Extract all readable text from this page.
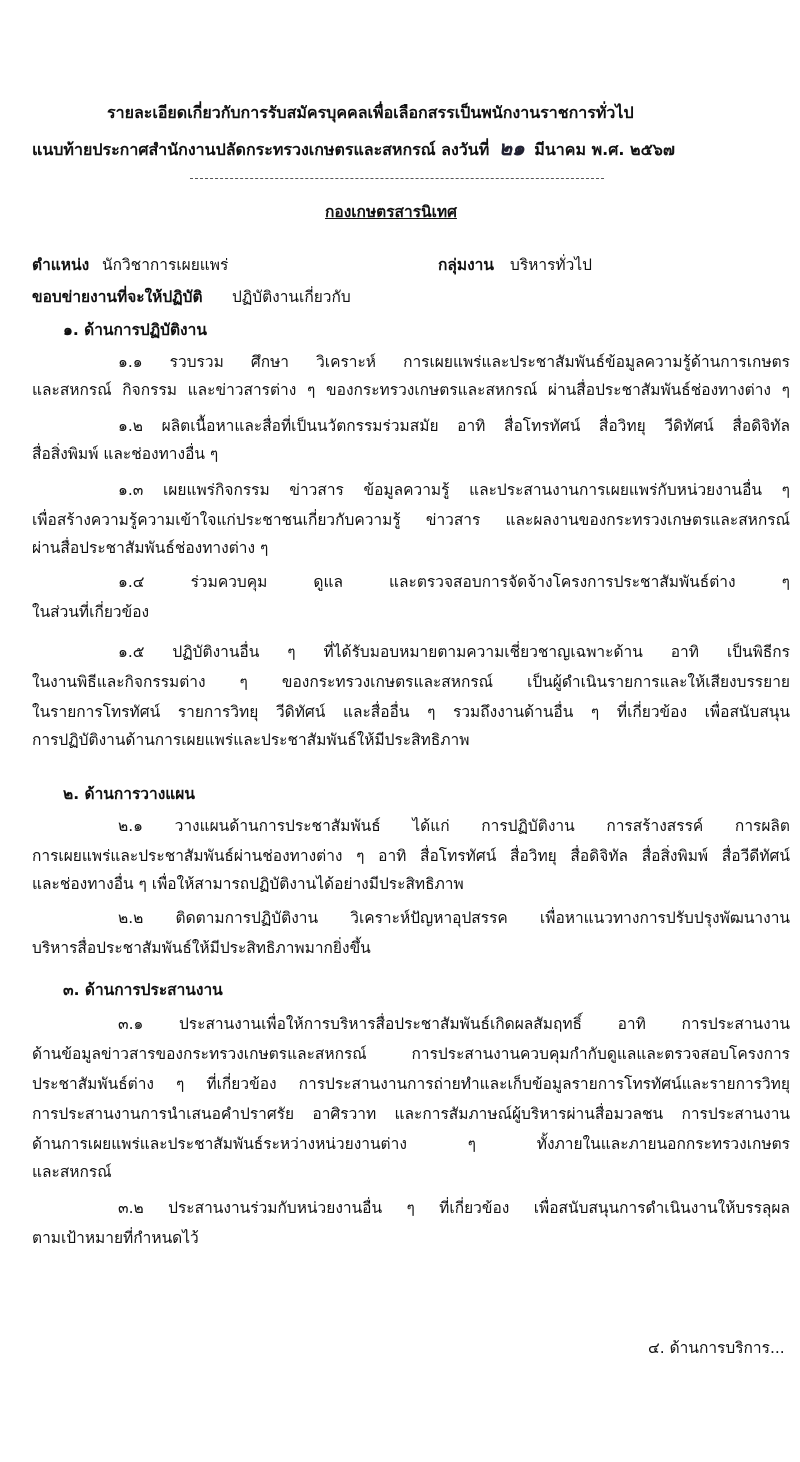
รายละเอียดเกี่ยวกับการรับสมัครบุคคลเพื่อเลือกสรรเป็นพนักงานราชการทั่วไป
แนบท้ายประกาศสำนักงานปลัดกระทรวงเกษตรและสหกรณ์ ลงวันที่ ๒๑ มีนาคม พ.ศ. ๒๕๖๗
กองเกษตรสารนิเทศ
ตำแหน่ง นักวิชาการเผยแพร่	กลุ่มงาน บริหารทั่วไป
ขอบข่ายงานที่จะให้ปฏิบัติ ปฏิบัติงานเกี่ยวกับ
๑. ด้านการปฏิบัติงาน
๑.๑ รวบรวม ศึกษา วิเคราะห์ การเผยแพร่และประชาสัมพันธ์ข้อมูลความรู้ด้านการเกษตร
และสหกรณ์ กิจกรรม และข่าวสารต่าง ๆ ของกระทรวงเกษตรและสหกรณ์ ผ่านสื่อประชาสัมพันธ์ช่องทางต่าง ๆ
๑.๒ ผลิตเนื้อหาและสื่อที่เป็นนวัตกรรมร่วมสมัย อาทิ สื่อโทรทัศน์ สื่อวิทยุ วีดิทัศน์ สื่อดิจิทัล
สื่อสิ่งพิมพ์ และช่องทางอื่น ๆ
๑.๓ เผยแพร่กิจกรรม ข่าวสาร ข้อมูลความรู้ และประสานงานการเผยแพร่กับหน่วยงานอื่น ๆ
เพื่อสร้างความรู้ความเข้าใจแก่ประชาชนเกี่ยวกับความรู้ ข่าวสาร และผลงานของกระทรวงเกษตรและสหกรณ์
ผ่านสื่อประชาสัมพันธ์ช่องทางต่าง ๆ
๑.๔ ร่วมควบคุม ดูแล และตรวจสอบการจัดจ้างโครงการประชาสัมพันธ์ต่าง ๆ
ในส่วนที่เกี่ยวข้อง
๑.๕ ปฏิบัติงานอื่น ๆ ที่ได้รับมอบหมายตามความเชี่ยวชาญเฉพาะด้าน อาทิ เป็นพิธีกร
ในงานพิธีและกิจกรรมต่าง ๆ ของกระทรวงเกษตรและสหกรณ์ เป็นผู้ดำเนินรายการและให้เสียงบรรยาย
ในรายการโทรทัศน์ รายการวิทยุ วีดิทัศน์ และสื่ออื่น ๆ รวมถึงงานด้านอื่น ๆ ที่เกี่ยวข้อง เพื่อสนับสนุน
การปฏิบัติงานด้านการเผยแพร่และประชาสัมพันธ์ให้มีประสิทธิภาพ
๒. ด้านการวางแผน
๒.๑ วางแผนด้านการประชาสัมพันธ์ ได้แก่ การปฏิบัติงาน การสร้างสรรค์ การผลิต
การเผยแพร่และประชาสัมพันธ์ผ่านช่องทางต่าง ๆ อาทิ สื่อโทรทัศน์ สื่อวิทยุ สื่อดิจิทัล สื่อสิ่งพิมพ์ สื่อวีดีทัศน์
และช่องทางอื่น ๆ เพื่อให้สามารถปฏิบัติงานได้อย่างมีประสิทธิภาพ
๒.๒ ติดตามการปฏิบัติงาน วิเคราะห์ปัญหาอุปสรรค เพื่อหาแนวทางการปรับปรุงพัฒนางาน
บริหารสื่อประชาสัมพันธ์ให้มีประสิทธิภาพมากยิ่งขึ้น
๓. ด้านการประสานงาน
๓.๑ ประสานงานเพื่อให้การบริหารสื่อประชาสัมพันธ์เกิดผลสัมฤทธิ์ อาทิ การประสานงาน
ด้านข้อมูลข่าวสารของกระทรวงเกษตรและสหกรณ์ การประสานงานควบคุมกำกับดูแลและตรวจสอบโครงการ
ประชาสัมพันธ์ต่าง ๆ ที่เกี่ยวข้อง การประสานงานการถ่ายทำและเก็บข้อมูลรายการโทรทัศน์และรายการวิทยุ
การประสานงานการนำเสนอคำปราศรัย อาศิรวาท และการสัมภาษณ์ผู้บริหารผ่านสื่อมวลชน การประสานงาน
ด้านการเผยแพร่และประชาสัมพันธ์ระหว่างหน่วยงานต่าง ๆ ทั้งภายในและภายนอกกระทรวงเกษตร
และสหกรณ์
๓.๒ ประสานงานร่วมกับหน่วยงานอื่น ๆ ที่เกี่ยวข้อง เพื่อสนับสนุนการดำเนินงานให้บรรลุผล
ตามเป้าหมายที่กำหนดไว้
๔. ด้านการบริการ...
